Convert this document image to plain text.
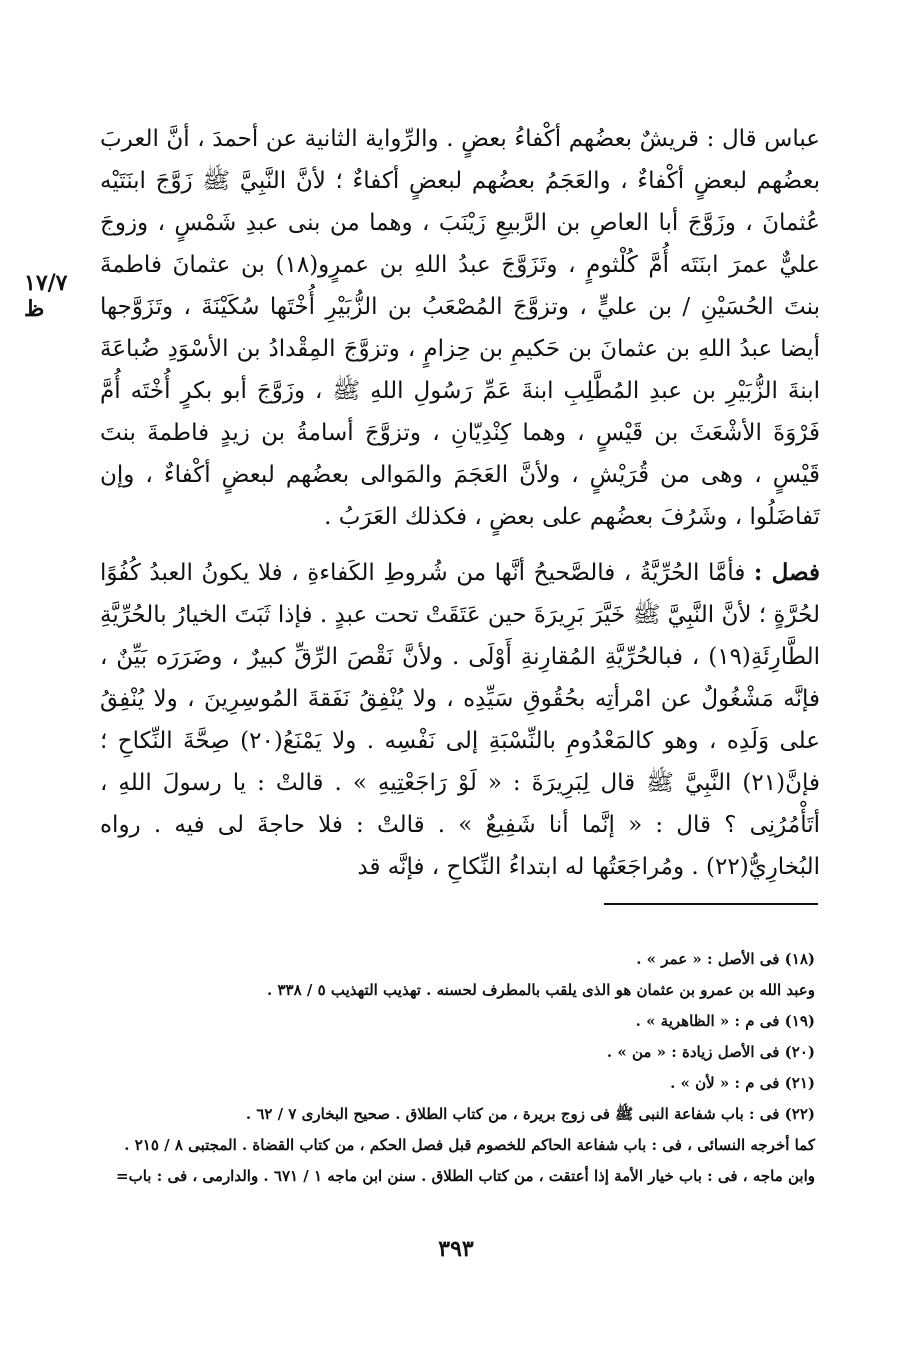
١٧/٧ ظ

عباس قال : قريشٌ بعضُهم أكْفاءُ بعضٍ . والرِّواية الثانية عن أحمدَ ، أنَّ العربَ بعضُهم لبعضٍ أكْفاءٌ ، والعَجَمُ بعضُهم لبعضٍ أكفاءٌ ؛ لأنَّ النَّبِيَّ ﷺ زَوَّجَ ابنَتَيْه عُثمانَ ، وزَوَّجَ أبا العاصِ بن الرَّبيعِ زَيْنَبَ ، وهما من بنى عبدِ شَمْسٍ ، وزوجَ عليٌّ عمرَ ابنَتَه أُمَّ كُلْثومٍ ، وتَزَوَّجَ عبدُ اللهِ بن عمرٍو(١٨) بن عثمانَ فاطمةَ بنتَ الحُسَيْنِ / بن عليٍّ ، وتزوَّجَ المُصْعَبُ بن الزُّبَيْرِ أُخْتَها سُكَيْنَةَ ، وتَزَوَّجها أيضا عبدُ اللهِ بن عثمانَ بن حَكيمِ بن حِزامٍ ، وتزوَّجَ المِقْدادُ بن الأسْوَدِ ضُباعَةَ ابنةَ الزُّبَيْرِ بن عبدِ المُطَّلِبِ ابنةَ عَمِّ رَسُولِ اللهِ ﷺ ، وزَوَّجَ أبو بكرٍ أُخْتَه أُمَّ فَرْوَةَ الأشْعَثَ بن قَيْسٍ ، وهما كِنْدِيّانِ ، وتزوَّجَ أسامةُ بن زيدٍ فاطمةَ بنتَ قَيْسٍ ، وهى من قُرَيْشٍ ، ولأنَّ العَجَمَ والمَوالى بعضُهم لبعضٍ أكْفاءٌ ، وإن تَفاضَلُوا ، وشَرُفَ بعضُهم على بعضٍ ، فكذلك العَرَبُ .

فصل : فأمَّا الحُرِّيَّةُ ، فالصَّحيحُ أنَّها من شُروطِ الكَفاءةِ ، فلا يكونُ العبدُ كُفُوًا لحُرَّةٍ ؛ لأنَّ النَّبِيَّ ﷺ خَيَّرَ بَرِيرَةَ حين عَتَقَتْ تحت عبدٍ . فإذا ثَبَتَ الخيارُ بالحُرِّيَّةِ الطَّارِئَةِ(١٩) ، فبالحُرِّيَّةِ المُقارِنةِ أَوْلَى . ولأنَّ نَقْصَ الرِّقِّ كبيرٌ ، وضَرَرَه بَيِّنٌ ، فإنَّه مَشْغُولٌ عن امْرأتِه بحُقُوقِ سَيِّدِه ، ولا يُنْفِقُ نَفَقةَ المُوسِرِينَ ، ولا يُنْفِقُ على وَلَدِه ، وهو كالمَعْدُومِ بالنِّسْبَةِ إلى نَفْسِه . ولا يَمْنَعُ(٢٠) صِحَّةَ النِّكاحِ ؛ فإنَّ(٢١) النَّبِيَّ ﷺ قال لِبَرِيرَةَ : « لَوْ رَاجَعْتِيهِ » . قالتْ : يا رسولَ اللهِ ، أتَأْمُرُنِى ؟ قال : « إنَّما أنا شَفِيعٌ » . قالتْ : فلا حاجةَ لى فيه . رواه البُخارِيُّ(٢٢) . ومُراجَعَتُها له ابتداءُ النِّكاحِ ، فإنَّه قد

(١٨) فى الأصل : « عمر » .
وعبد الله بن عمرو بن عثمان هو الذى يلقب بالمطرف لحسنه . تهذيب التهذيب ٥ / ٣٣٨ .
(١٩) فى م : « الظاهرية » .
(٢٠) فى الأصل زيادة : « من » .
(٢١) فى م : « لأن » .
(٢٢) فى : باب شفاعة النبى ﷺ فى زوج بريرة ، من كتاب الطلاق . صحيح البخارى ٧ / ٦٢ .
كما أخرجه النسائى ، فى : باب شفاعة الحاكم للخصوم قبل فصل الحكم ، من كتاب القضاة . المجتبى ٨ / ٢١٥ .
وابن ماجه ، فى : باب خيار الأمة إذا أعتقت ، من كتاب الطلاق . سنن ابن ماجه ١ / ٦٧١ . والدارمى ، فى : باب=
٣٩٣
